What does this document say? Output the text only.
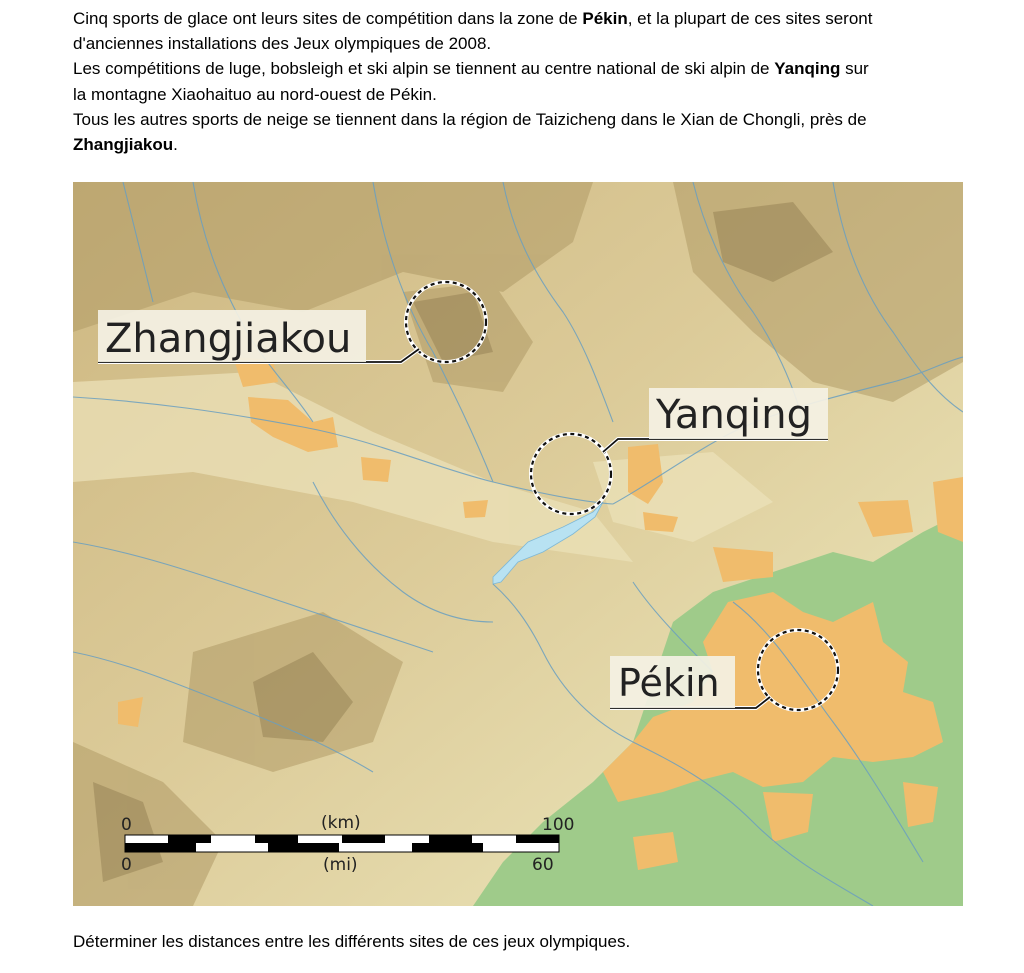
Cinq sports de glace ont leurs sites de compétition dans la zone de Pékin, et la plupart de ces sites seront
d'anciennes installations des Jeux olympiques de 2008.

Les compétitions de luge, bobsleigh et ski alpin se tiennent au centre national de ski alpin de Yanqing sur
la montagne Xiaohaituo au nord-ouest de Pékin.

Tous les autres sports de neige se tiennent dans la région de Taizicheng dans le Xian de Chongli, près de
Zhangjiakou.

Zhangjiakou
Yanqing
Pékin
0	(km)	100
0	(mi)	60
Déterminer les distances entre les différents sites de ces jeux olympiques.
